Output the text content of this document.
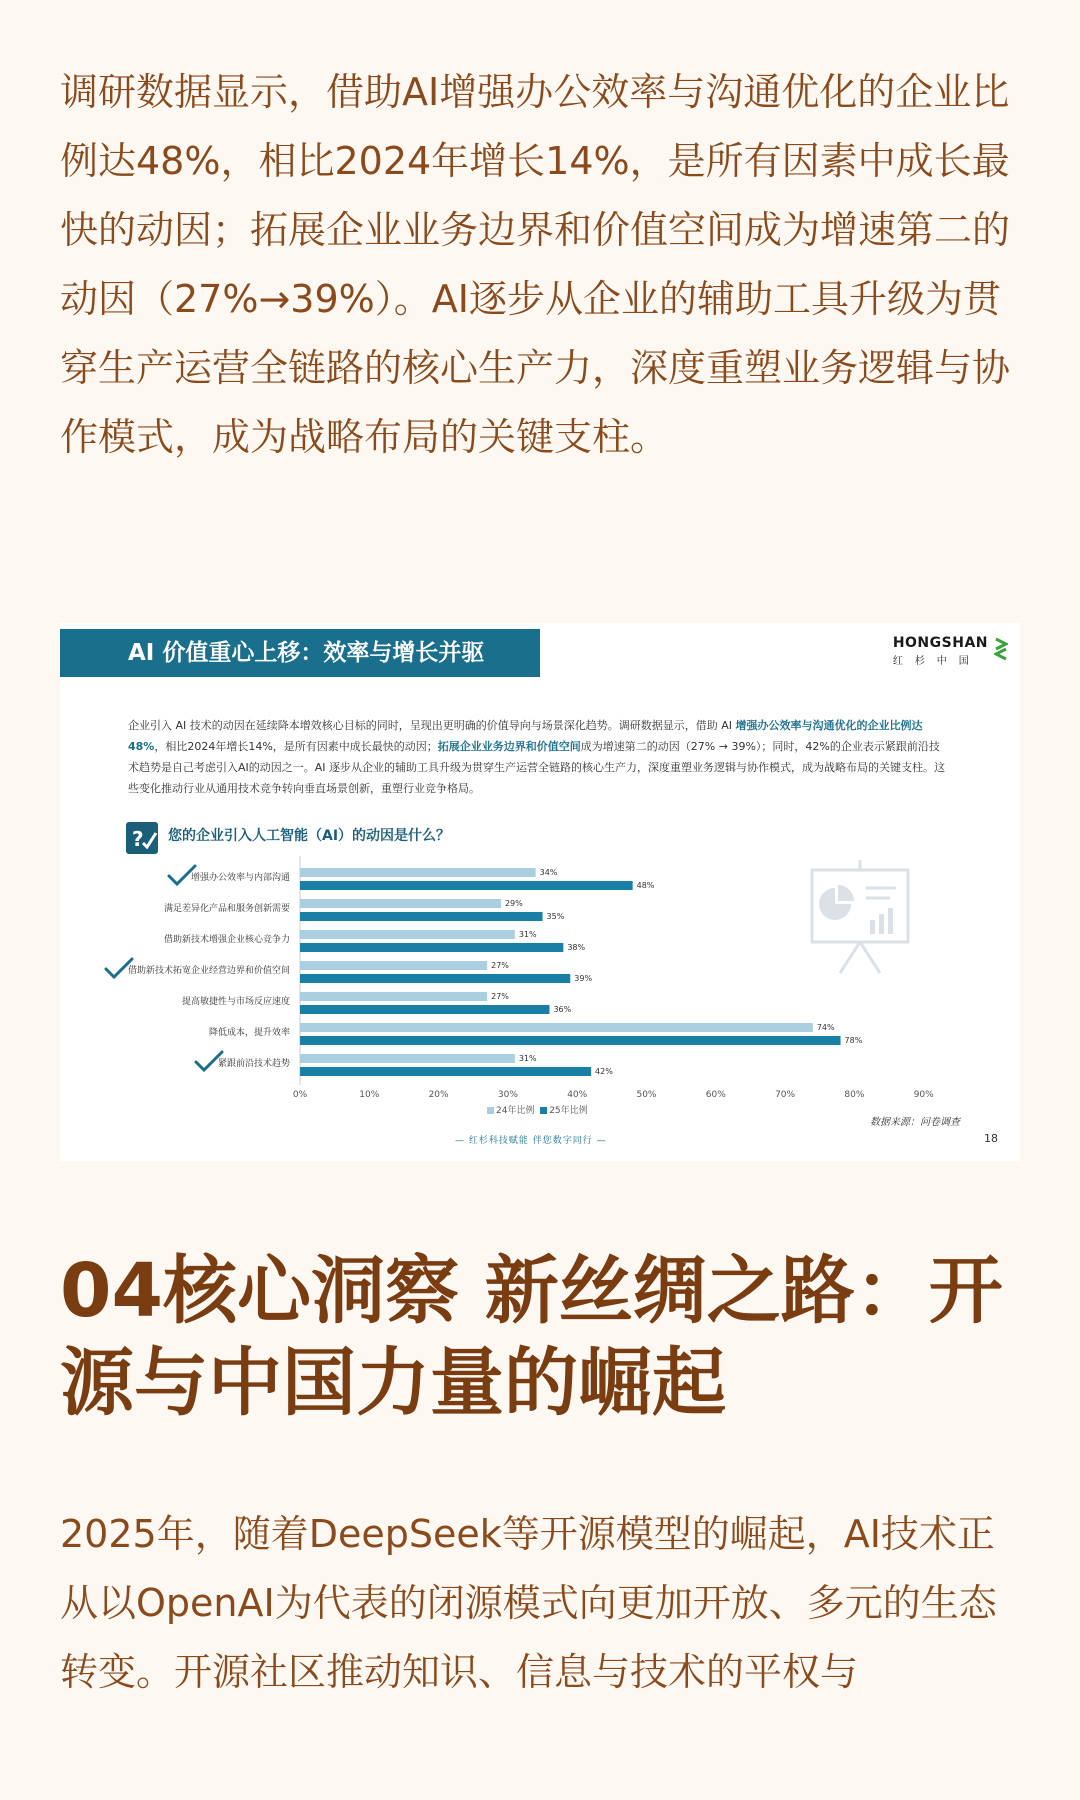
调研数据显示，借助AI增强办公效率与沟通优化的企业比例达48%，相比2024年增长14%，是所有因素中成长最快的动因；拓展企业业务边界和价值空间成为增速第二的动因（27%→39%）。AI逐步从企业的辅助工具升级为贯穿生产运营全链路的核心生产力，深度重塑业务逻辑与协作模式，成为战略布局的关键支柱。

AI 价值重心上移：效率与增长并驱	HONGSHAN
红杉中国
企业引入 AI 技术的动因在延续降本增效核心目标的同时，呈现出更明确的价值导向与场景深化趋势。调研数据显示，借助 AI 增强办公效率与沟通优化的企业比例达 48%，相比2024年增长14%，是所有因素中成长最快的动因；拓展企业业务边界和价值空间成为增速第二的动因（27% → 39%）；同时，42%的企业表示紧跟前沿技术趋势是自己考虑引入AI的动因之一。AI 逐步从企业的辅助工具升级为贯穿生产运营全链路的核心生产力，深度重塑业务逻辑与协作模式，成为战略布局的关键支柱。这些变化推动行业从通用技术竞争转向垂直场景创新，重塑行业竞争格局。
? 您的企业引入人工智能（AI）的动因是什么？
0%	10%	20%	30%	40%	50%	60%	70%	80%	90%
增强办公效率与内部沟通
34%
48%
满足差异化产品和服务创新需要
29%
35%
借助新技术增强企业核心竞争力
31%
38%
借助新技术拓宽企业经营边界和价值空间
27%
39%
提高敏捷性与市场反应速度
27%
36%
降低成本，提升效率
74%
78%
紧跟前沿技术趋势
31%
42%
24年比例 25年比例
数据来源：问卷调查
— 红杉科技赋能 伴您数字同行 —	18
04核心洞察 新丝绸之路：开源与中国力量的崛起

2025年，随着DeepSeek等开源模型的崛起，AI技术正从以OpenAI为代表的闭源模式向更加开放、多元的生态转变。开源社区推动知识、信息与技术的平权与
